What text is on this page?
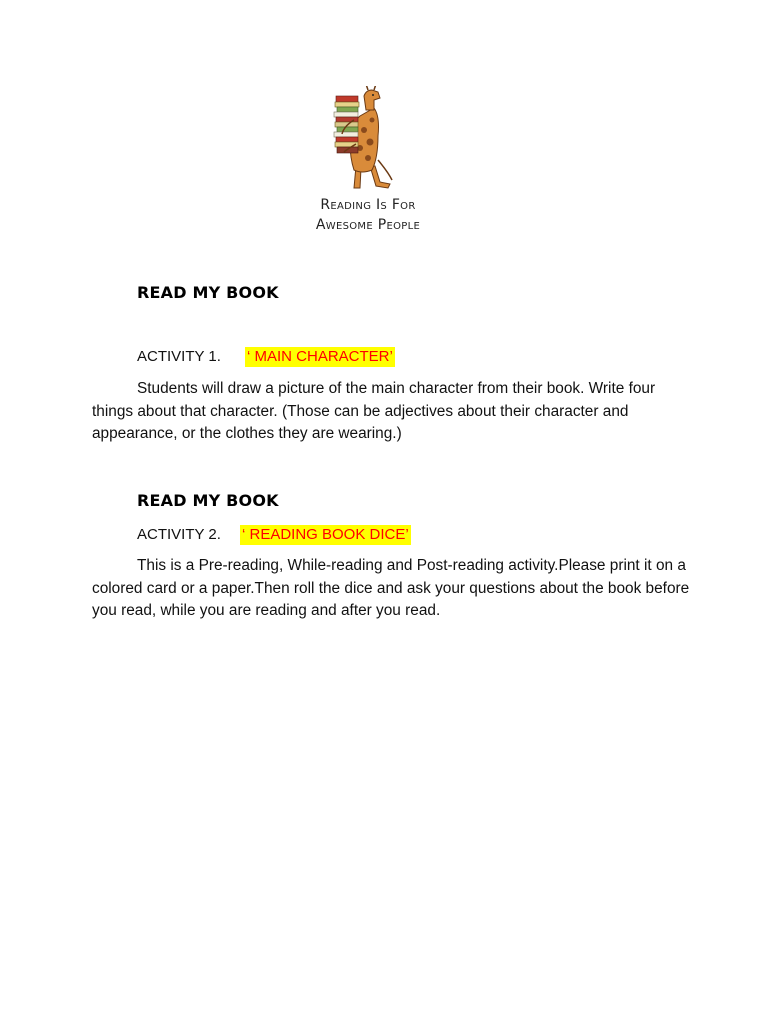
Reading Is For
Awesome People
READ MY BOOK
ACTIVITY 1. ‘ MAIN CHARACTER’

Students will draw a picture of the main character from their book. Write four things about that character. (Those can be adjectives about their character and appearance, or the clothes they are wearing.)

READ MY BOOK
ACTIVITY 2. ‘ READING BOOK DICE’

This is a Pre-reading, While-reading and Post-reading activity.Please print it on a colored card or a paper.Then roll the dice and ask your questions about the book before you read, while you are reading and after you read.
